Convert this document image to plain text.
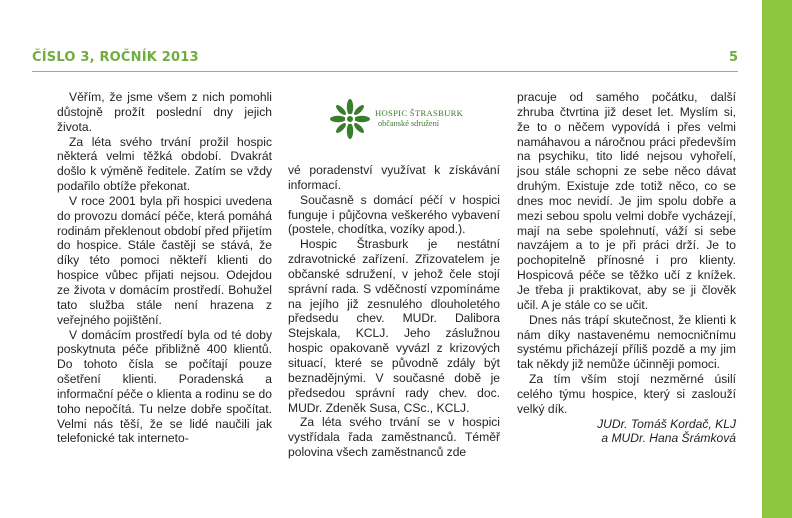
ČÍSLO 3, ROČNÍK 2013	5

Věřím, že jsme všem z nich pomohli důstojně prožít poslední dny jejich života.

Za léta svého trvání prožil hospic některá velmi těžká období. Dvakrát došlo k výměně ředitele. Zatím se vždy podařilo obtíže překonat.

V roce 2001 byla při hospici uvedena do provozu domácí péče, která pomáhá rodinám překlenout období před přijetím do hospice. Stále častěji se stává, že díky této pomoci někteří klienti do hospice vůbec přijati nejsou. Odejdou ze života v domácím prostředí. Bohužel tato služba stále není hrazena z veřejného pojištění.

V domácím prostředí byla od té doby poskytnuta péče přibližně 400 klientů. Do tohoto čísla se počítají pouze ošetření klienti. Poradenská a informační péče o klienta a rodinu se do toho nepočítá. Tu nelze dobře spočítat. Velmi nás těší, že se lidé naučili jak telefonické tak interneto-

HOSPIC ŠTRASBURK
občanské sdružení

vé poradenství využívat k získávání informací.

Současně s domácí péčí v hospici funguje i půjčovna veškerého vybavení (postele, chodítka, vozíky apod.).

Hospic Štrasburk je nestátní zdravotnické zařízení. Zřizovatelem je občanské sdružení, v jehož čele stojí správní rada. S vděčností vzpomínáme na jejího již zesnulého dlouholetého předsedu chev. MUDr. Dalibora Stejskala, KCLJ. Jeho záslužnou hospic opakovaně vyvázl z krizových situací, které se původně zdály být beznadějnými. V současné době je předsedou správní rady chev. doc. MUDr. Zdeněk Susa, CSc., KCLJ.

Za léta svého trvání se v hospici vystřídala řada zaměstnanců. Téměř polovina všech zaměstnanců zde

pracuje od samého počátku, další zhruba čtvrtina již deset let. Myslím si, že to o něčem vypovídá i přes velmi namáhavou a náročnou práci především na psychiku, tito lidé nejsou vyhořelí, jsou stále schopni ze sebe něco dávat druhým. Existuje zde totiž něco, co se dnes moc nevidí. Je jim spolu dobře a mezi sebou spolu velmi dobře vycházejí, mají na sebe spolehnutí, váží si sebe navzájem a to je při práci drží. Je to pochopitelně přínosné i pro klienty. Hospicová péče se těžko učí z knížek. Je třeba ji praktikovat, aby se ji člověk učil. A je stále co se učit.

Dnes nás trápí skutečnost, že klienti k nám díky nastavenému nemocničnímu systému přicházejí příliš pozdě a my jim tak někdy již nemůže účinněji pomoci.

Za tím vším stojí nezměrné úsilí celého týmu hospice, který si zaslouží velký dík.

JUDr. Tomáš Kordač, KLJ
a MUDr. Hana Šrámková
